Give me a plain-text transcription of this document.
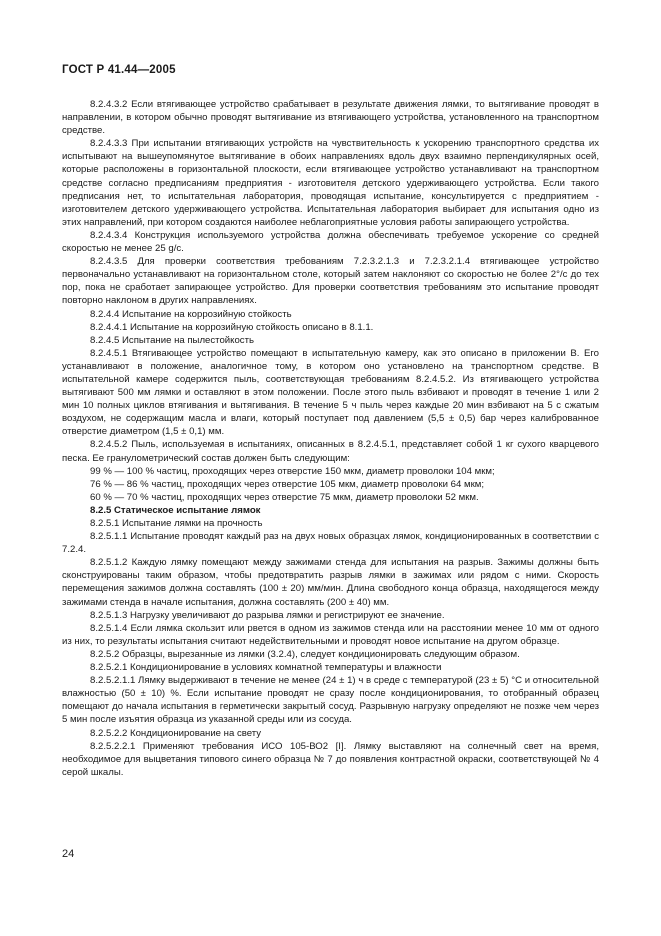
ГОСТ Р 41.44—2005

8.2.4.3.2 Если втягивающее устройство срабатывает в результате движения лямки, то вытягивание проводят в направлении, в котором обычно проводят вытягивание из втягивающего устройства, установленного на транспортном средстве.

8.2.4.3.3 При испытании втягивающих устройств на чувствительность к ускорению транспортного средства их испытывают на вышеупомянутое вытягивание в обоих направлениях вдоль двух взаимно перпендикулярных осей, которые расположены в горизонтальной плоскости, если втягивающее устройство устанавливают на транспортном средстве согласно предписаниям предприятия - изготовителя детского удерживающего устройства. Если такого предписания нет, то испытательная лаборатория, проводящая испытание, консультируется с предприятием - изготовителем детского удерживающего устройства. Испытательная лаборатория выбирает для испытания одно из этих направлений, при котором создаются наиболее неблагоприятные условия работы запирающего устройства.

8.2.4.3.4 Конструкция используемого устройства должна обеспечивать требуемое ускорение со средней скоростью не менее 25 g/c.

8.2.4.3.5 Для проверки соответствия требованиям 7.2.3.2.1.3 и 7.2.3.2.1.4 втягивающее устройство первоначально устанавливают на горизонтальном столе, который затем наклоняют со скоростью не более 2°/с до тех пор, пока не сработает запирающее устройство. Для проверки соответствия требованиям это испытание проводят повторно наклоном в других направлениях.

8.2.4.4 Испытание на коррозийную стойкость

8.2.4.4.1 Испытание на коррозийную стойкость описано в 8.1.1.

8.2.4.5 Испытание на пылестойкость

8.2.4.5.1 Втягивающее устройство помещают в испытательную камеру, как это описано в приложении В. Его устанавливают в положение, аналогичное тому, в котором оно установлено на транспортном средстве. В испытательной камере содержится пыль, соответствующая требованиям 8.2.4.5.2. Из втягивающего устройства вытягивают 500 мм лямки и оставляют в этом положении. После этого пыль взбивают и проводят в течение 1 или 2 мин 10 полных циклов втягивания и вытягивания. В течение 5 ч пыль через каждые 20 мин взбивают на 5 с сжатым воздухом, не содержащим масла и влаги, который поступает под давлением (5,5 ± 0,5) бар через калиброванное отверстие диаметром (1,5 ± 0,1) мм.

8.2.4.5.2 Пыль, используемая в испытаниях, описанных в 8.2.4.5.1, представляет собой 1 кг сухого кварцевого песка. Ее гранулометрический состав должен быть следующим:

99 % — 100 % частиц, проходящих через отверстие 150 мкм, диаметр проволоки 104 мкм;

76 % — 86 % частиц, проходящих через отверстие 105 мкм, диаметр проволоки 64 мкм;

60 % — 70 % частиц, проходящих через отверстие 75 мкм, диаметр проволоки 52 мкм.

8.2.5 Статическое испытание лямок

8.2.5.1 Испытание лямки на прочность

8.2.5.1.1 Испытание проводят каждый раз на двух новых образцах лямок, кондиционированных в соответствии с 7.2.4.

8.2.5.1.2 Каждую лямку помещают между зажимами стенда для испытания на разрыв. Зажимы должны быть сконструированы таким образом, чтобы предотвратить разрыв лямки в зажимах или рядом с ними. Скорость перемещения зажимов должна составлять (100 ± 20) мм/мин. Длина свободного конца образца, находящегося между зажимами стенда в начале испытания, должна составлять (200 ± 40) мм.

8.2.5.1.3 Нагрузку увеличивают до разрыва лямки и регистрируют ее значение.

8.2.5.1.4 Если лямка скользит или рвется в одном из зажимов стенда или на расстоянии менее 10 мм от одного из них, то результаты испытания считают недействительными и проводят новое испытание на другом образце.

8.2.5.2 Образцы, вырезанные из лямки (3.2.4), следует кондиционировать следующим образом.

8.2.5.2.1 Кондиционирование в условиях комнатной температуры и влажности

8.2.5.2.1.1 Лямку выдерживают в течение не менее (24 ± 1) ч в среде с температурой (23 ± 5) °С и относительной влажностью (50 ± 10) %. Если испытание проводят не сразу после кондиционирования, то отобранный образец помещают до начала испытания в герметически закрытый сосуд. Разрывную нагрузку определяют не позже чем через 5 мин после изъятия образца из указанной среды или из сосуда.

8.2.5.2.2 Кондиционирование на свету

8.2.5.2.2.1 Применяют требования ИСО 105-ВО2 [I]. Лямку выставляют на солнечный свет на время, необходимое для выцветания типового синего образца № 7 до появления контрастной окраски, соответствующей № 4 серой шкалы.

24
